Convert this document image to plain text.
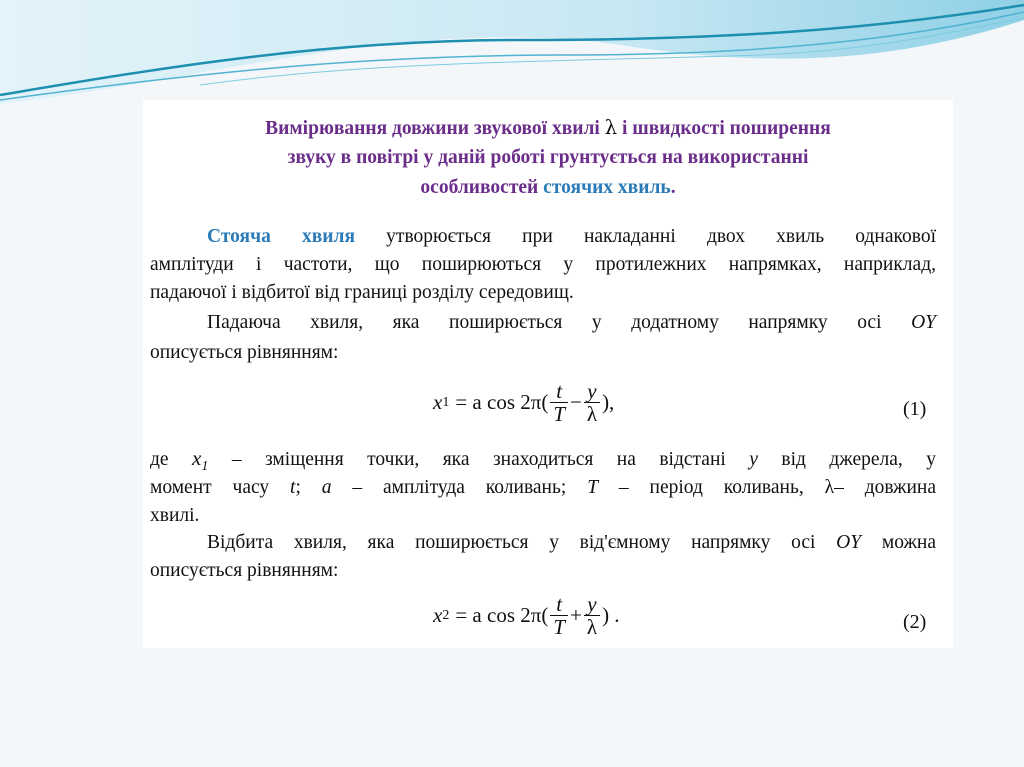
Вимірювання довжини звукової хвилі λ і швидкості поширення
звуку в повітрі у даній роботі грунтується на використанні
особливостей стоячих хвиль.
Стояча хвиля утворюється при накладанні двох хвиль однакової
амплітуди і частоти, що поширюються у протилежних напрямках, наприклад,
падаючої і відбитої від границі розділу середовищ.
Падаюча хвиля, яка поширюється у додатному напрямку осі OY
описується рівнянням:
x 1 = a $\cos 2\pi( \frac{t}{T} - \frac{y}{\lambda}$ ),	(1)
де $x_1$ – зміщення точки, яка знаходиться на відстані y від джерела, у
момент часу t; a – амплітуда коливань; T – період коливань, λ– довжина
хвилі.
Відбита хвиля, яка поширюється у від'ємному напрямку осі OY можна
описується рівнянням:
x 2 = a $\cos 2\pi( \frac{t}{T} + \frac{y}{\lambda}$ ) .	(2)
